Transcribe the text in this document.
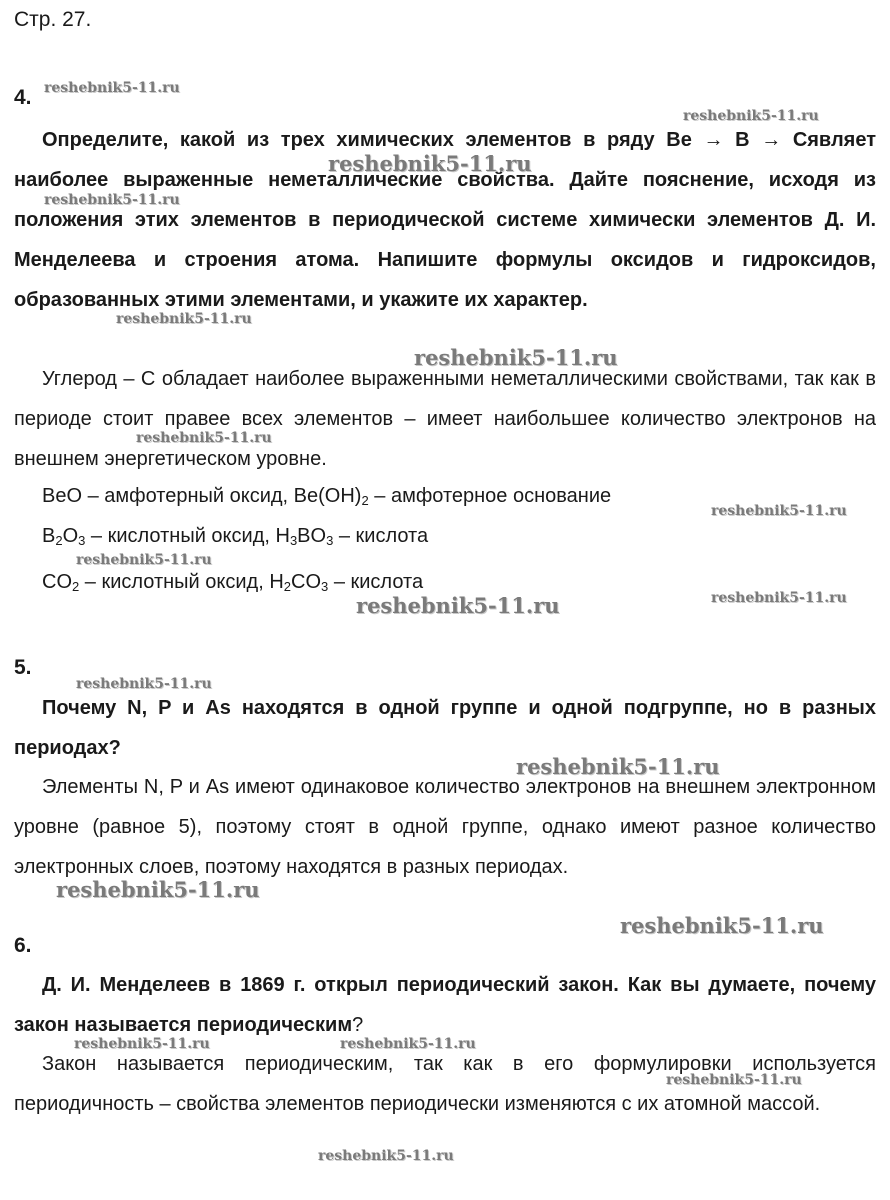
Стр. 27.
4.

Определите, какой из трех химических элементов в ряду Be → B → Cявляет наиболее выраженные неметаллические свойства. Дайте пояснение, исходя из положения этих элементов в периодической системе химически элементов Д. И. Менделеева и строения атома. Напишите формулы оксидов и гидроксидов, образованных этими элементами, и укажите их характер.

Углерод – С обладает наиболее выраженными неметаллическими свойствами, так как в периоде стоит правее всех элементов – имеет наибольшее количество электронов на внешнем энергетическом уровне.

BeO – амфотерный оксид, $Be(OH)_2$ – амфотерное основание
$B_2O_3$ – кислотный оксид, $H_3BO_3$ – кислота
$CO_2$ – кислотный оксид, $H_2CO_3$ – кислота
5.

Почему N, P и As находятся в одной группе и одной подгруппе, но в разных периодах?

Элементы N, P и As имеют одинаковое количество электронов на внешнем электронном уровне (равное 5), поэтому стоят в одной группе, однако имеют разное количество электронных слоев, поэтому находятся в разных периодах.

6.

Д. И. Менделеев в 1869 г. открыл периодический закон. Как вы думаете, почему закон называется периодическим?

Закон называется периодическим, так как в его формулировки используется периодичность – свойства элементов периодически изменяются с их атомной массой.

reshebnik5-11.ru
reshebnik5-11.ru
reshebnik5-11.ru
reshebnik5-11.ru
reshebnik5-11.ru
reshebnik5-11.ru
reshebnik5-11.ru
reshebnik5-11.ru
reshebnik5-11.ru
reshebnik5-11.ru
reshebnik5-11.ru
reshebnik5-11.ru
reshebnik5-11.ru
reshebnik5-11.ru
reshebnik5-11.ru
reshebnik5-11.ru	reshebnik5-11.ru
reshebnik5-11.ru
reshebnik5-11.ru
